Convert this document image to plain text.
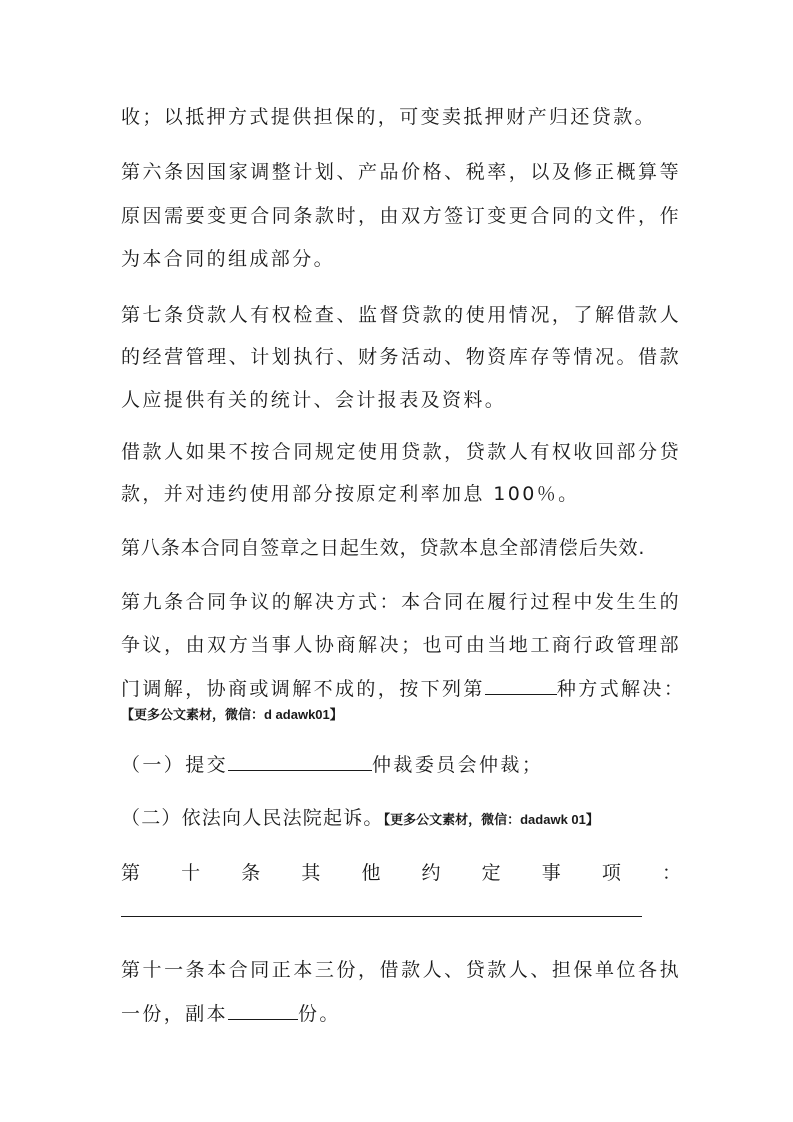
收；以抵押方式提供担保的，可变卖抵押财产归还贷款。
第六条因国家调整计划、产品价格、税率，以及修正概算等
原因需要变更合同条款时，由双方签订变更合同的文件，作
为本合同的组成部分。
第七条贷款人有权检查、监督贷款的使用情况，了解借款人
的经营管理、计划执行、财务活动、物资库存等情况。借款
人应提供有关的统计、会计报表及资料。
借款人如果不按合同规定使用贷款，贷款人有权收回部分贷
款，并对违约使用部分按原定利率加息 100％。
第八条本合同自签章之日起生效，贷款本息全部清偿后失效.
第九条合同争议的解决方式：本合同在履行过程中发生生的
争议，由双方当事人协商解决；也可由当地工商行政管理部
门调解，协商或调解不成的，按下列第	种方式解决：
【更多公文素材，微信：d adawk01】
（一）提交	仲裁委员会仲裁；
（二）依法向人民法院起诉。【更多公文素材，微信：dadawk 01】
第 十 条 其 他 约 定 事 项 ：
第十一条本合同正本三份，借款人、贷款人、担保单位各执
一份，副本	份。
